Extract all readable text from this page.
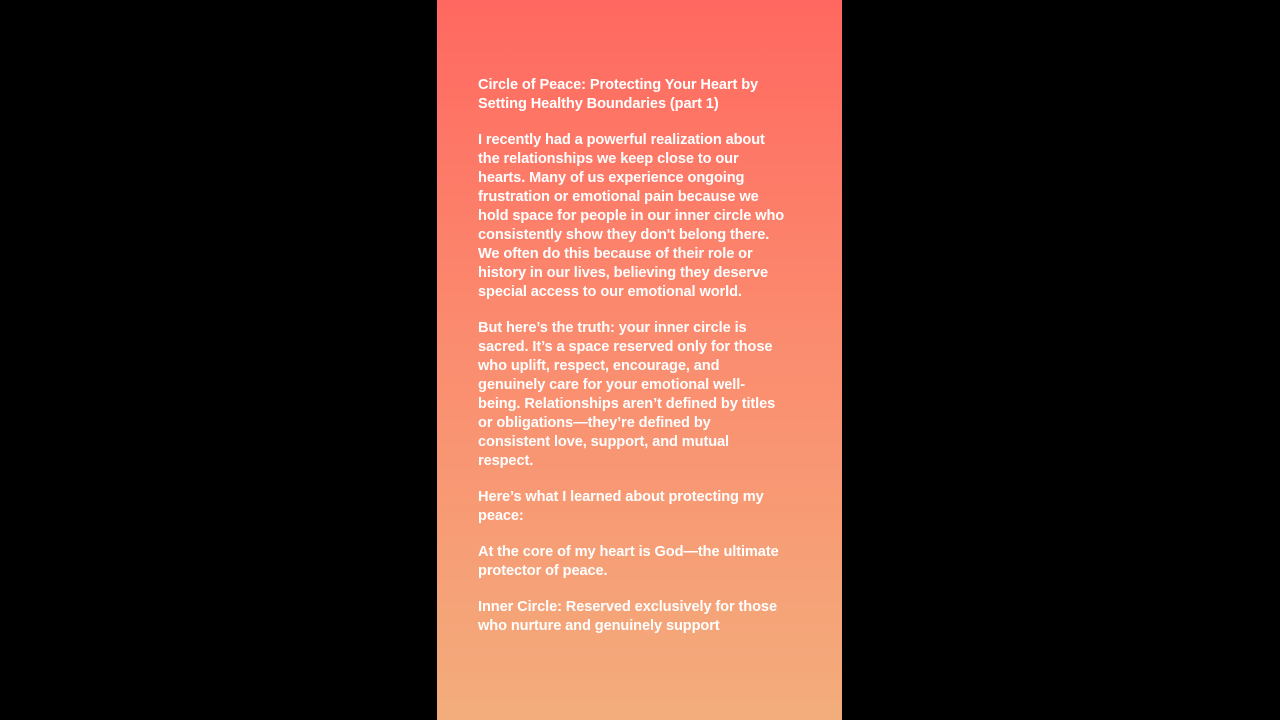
Circle of Peace: Protecting Your Heart by Setting Healthy Boundaries (part 1)

I recently had a powerful realization about the relationships we keep close to our hearts. Many of us experience ongoing frustration or emotional pain because we hold space for people in our inner circle who consistently show they don't belong there. We often do this because of their role or history in our lives, believing they deserve special access to our emotional world.

But here’s the truth: your inner circle is sacred. It’s a space reserved only for those who uplift, respect, encourage, and genuinely care for your emotional well-being. Relationships aren’t defined by titles or obligations—they’re defined by consistent love, support, and mutual respect.

Here’s what I learned about protecting my peace:

At the core of my heart is God—the ultimate protector of peace.

Inner Circle: Reserved exclusively for those who nurture and genuinely support
